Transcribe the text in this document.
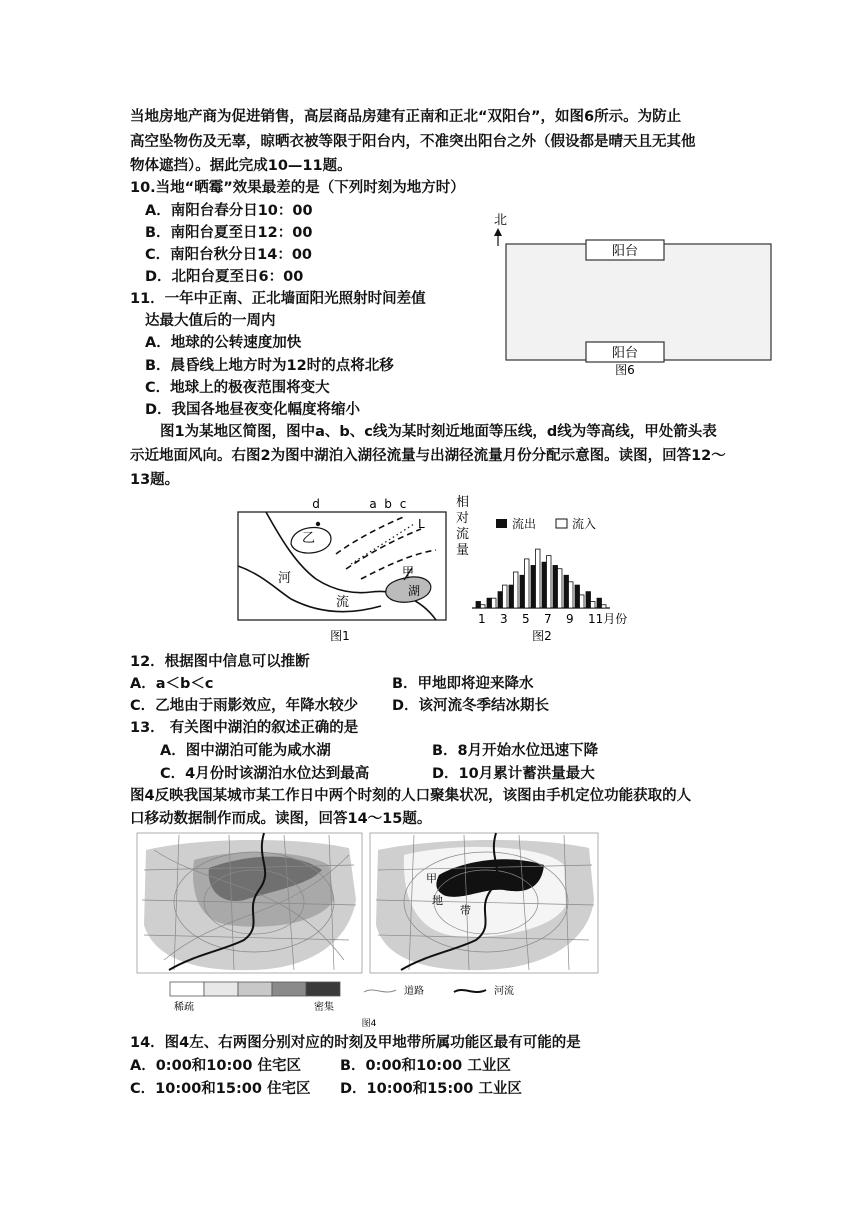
当地房地产商为促进销售，高层商品房建有正南和正北“双阳台”，如图6所示。为防止
高空坠物伤及无辜，晾晒衣被等限于阳台内，不准突出阳台之外（假设都是晴天且无其他
物体遮挡）。据此完成10—11题。
10.当地“晒霉”效果最差的是（下列时刻为地方时）
A．南阳台春分日10：00
B．南阳台夏至日12：00
C．南阳台秋分日14：00
D．北阳台夏至日6：00
北
阳台
阳台
图6
11．一年中正南、正北墙面阳光照射时间差值
达最大值后的一周内
A．地球的公转速度加快
B．晨昏线上地方时为12时的点将北移
C．地球上的极夜范围将变大
D．我国各地昼夜变化幅度将缩小
图1为某地区简图，图中a、b、c线为某时刻近地面等压线，d线为等高线，甲处箭头表
示近地面风向。右图2为图中湖泊入湖径流量与出湖径流量月份分配示意图。读图，回答12～
13题。
d	a b c
L
乙
河
流
甲
湖
图1
相
对
流
量
流出	流入
1 3 5 7 9 11月份
图2
12．根据图中信息可以推断
A．a＜b＜c	B．甲地即将迎来降水
C．乙地由于雨影效应，年降水较少 D．该河流冬季结冰期长
13． 有关图中湖泊的叙述正确的是
A．图中湖泊可能为咸水湖	B．8月开始水位迅速下降
C．4月份时该湖泊水位达到最高	D．10月累计蓄洪量最大
图4反映我国某城市某工作日中两个时刻的人口聚集状况，该图由手机定位功能获取的人
口移动数据制作而成。读图，回答14～15题。
甲
地
带
稀疏	密集
道路	河流
图4
14．图4左、右两图分别对应的时刻及甲地带所属功能区最有可能的是
A．0:00和10:00 住宅区	B．0:00和10:00 工业区
C．10:00和15:00 住宅区 D．10:00和15:00 工业区
